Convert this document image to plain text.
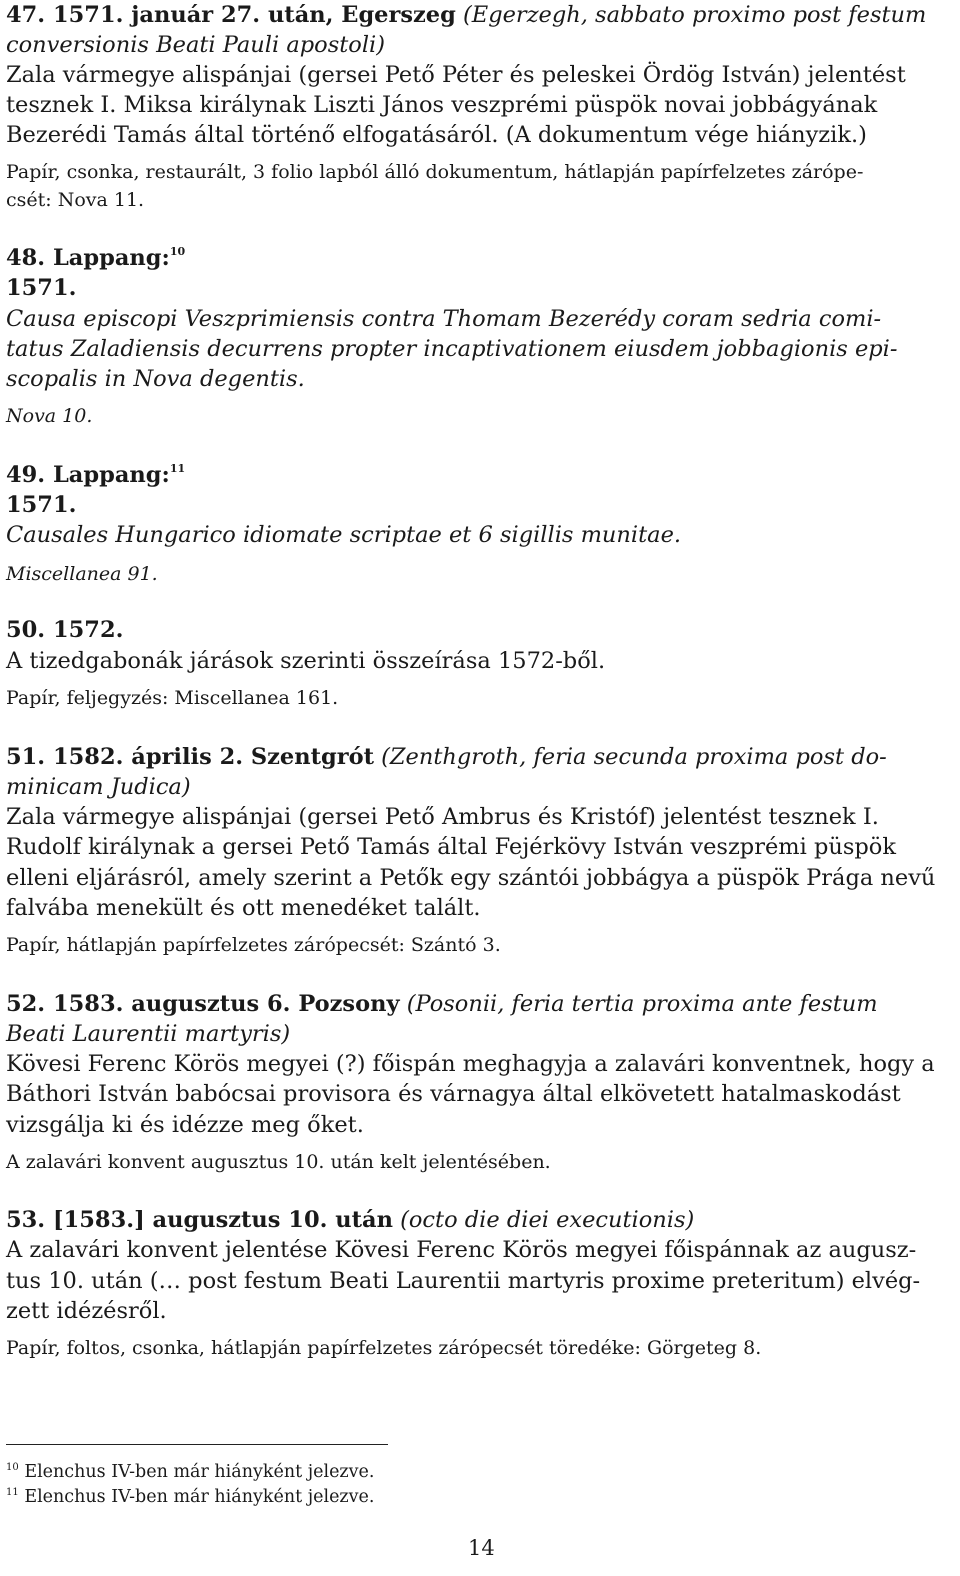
47. 1571. január 27. után, Egerszeg (Egerzegh, sabbato proximo post festum
conversionis Beati Pauli apostoli)
Zala vármegye alispánjai (gersei Pető Péter és peleskei Ördög István) jelentést
tesznek I. Miksa királynak Liszti János veszprémi püspök novai jobbágyának
Bezerédi Tamás által történő elfogatásáról. (A dokumentum vége hiányzik.)
Papír, csonka, restaurált, 3 folio lapból álló dokumentum, hátlapján papírfelzetes zárópe-
csét: Nova 11.
48. Lappang:$^{10}$
1571.
Causa episcopi Veszprimiensis contra Thomam Bezerédy coram sedria comi-
tatus Zaladiensis decurrens propter incaptivationem eiusdem jobbagionis epi-
scopalis in Nova degentis.
Nova 10.
49. Lappang:$^{11}$
1571.
Causales Hungarico idiomate scriptae et 6 sigillis munitae.
Miscellanea 91.
50. 1572.
A tizedgabonák járások szerinti összeírása 1572-ből.
Papír, feljegyzés: Miscellanea 161.
51. 1582. április 2. Szentgrót (Zenthgroth, feria secunda proxima post do-
minicam Judica)
Zala vármegye alispánjai (gersei Pető Ambrus és Kristóf) jelentést tesznek I.
Rudolf királynak a gersei Pető Tamás által Fejérkövy István veszprémi püspök
elleni eljárásról, amely szerint a Petők egy szántói jobbágya a püspök Prága nevű
falvába menekült és ott menedéket talált.
Papír, hátlapján papírfelzetes zárópecsét: Szántó 3.
52. 1583. augusztus 6. Pozsony (Posonii, feria tertia proxima ante festum
Beati Laurentii martyris)
Kövesi Ferenc Körös megyei (?) főispán meghagyja a zalavári konventnek, hogy a
Báthori István babócsai provisora és várnagya által elkövetett hatalmaskodást
vizsgálja ki és idézze meg őket.
A zalavári konvent augusztus 10. után kelt jelentésében.
53. [1583.] augusztus 10. után (octo die diei executionis)
A zalavári konvent jelentése Kövesi Ferenc Körös megyei főispánnak az augusz-
tus 10. után (… post festum Beati Laurentii martyris proxime preteritum) elvég-
zett idézésről.
Papír, foltos, csonka, hátlapján papírfelzetes zárópecsét töredéke: Görgeteg 8.
$^{10}$ Elenchus IV-ben már hiányként jelezve.
$^{11}$ Elenchus IV-ben már hiányként jelezve.
14
